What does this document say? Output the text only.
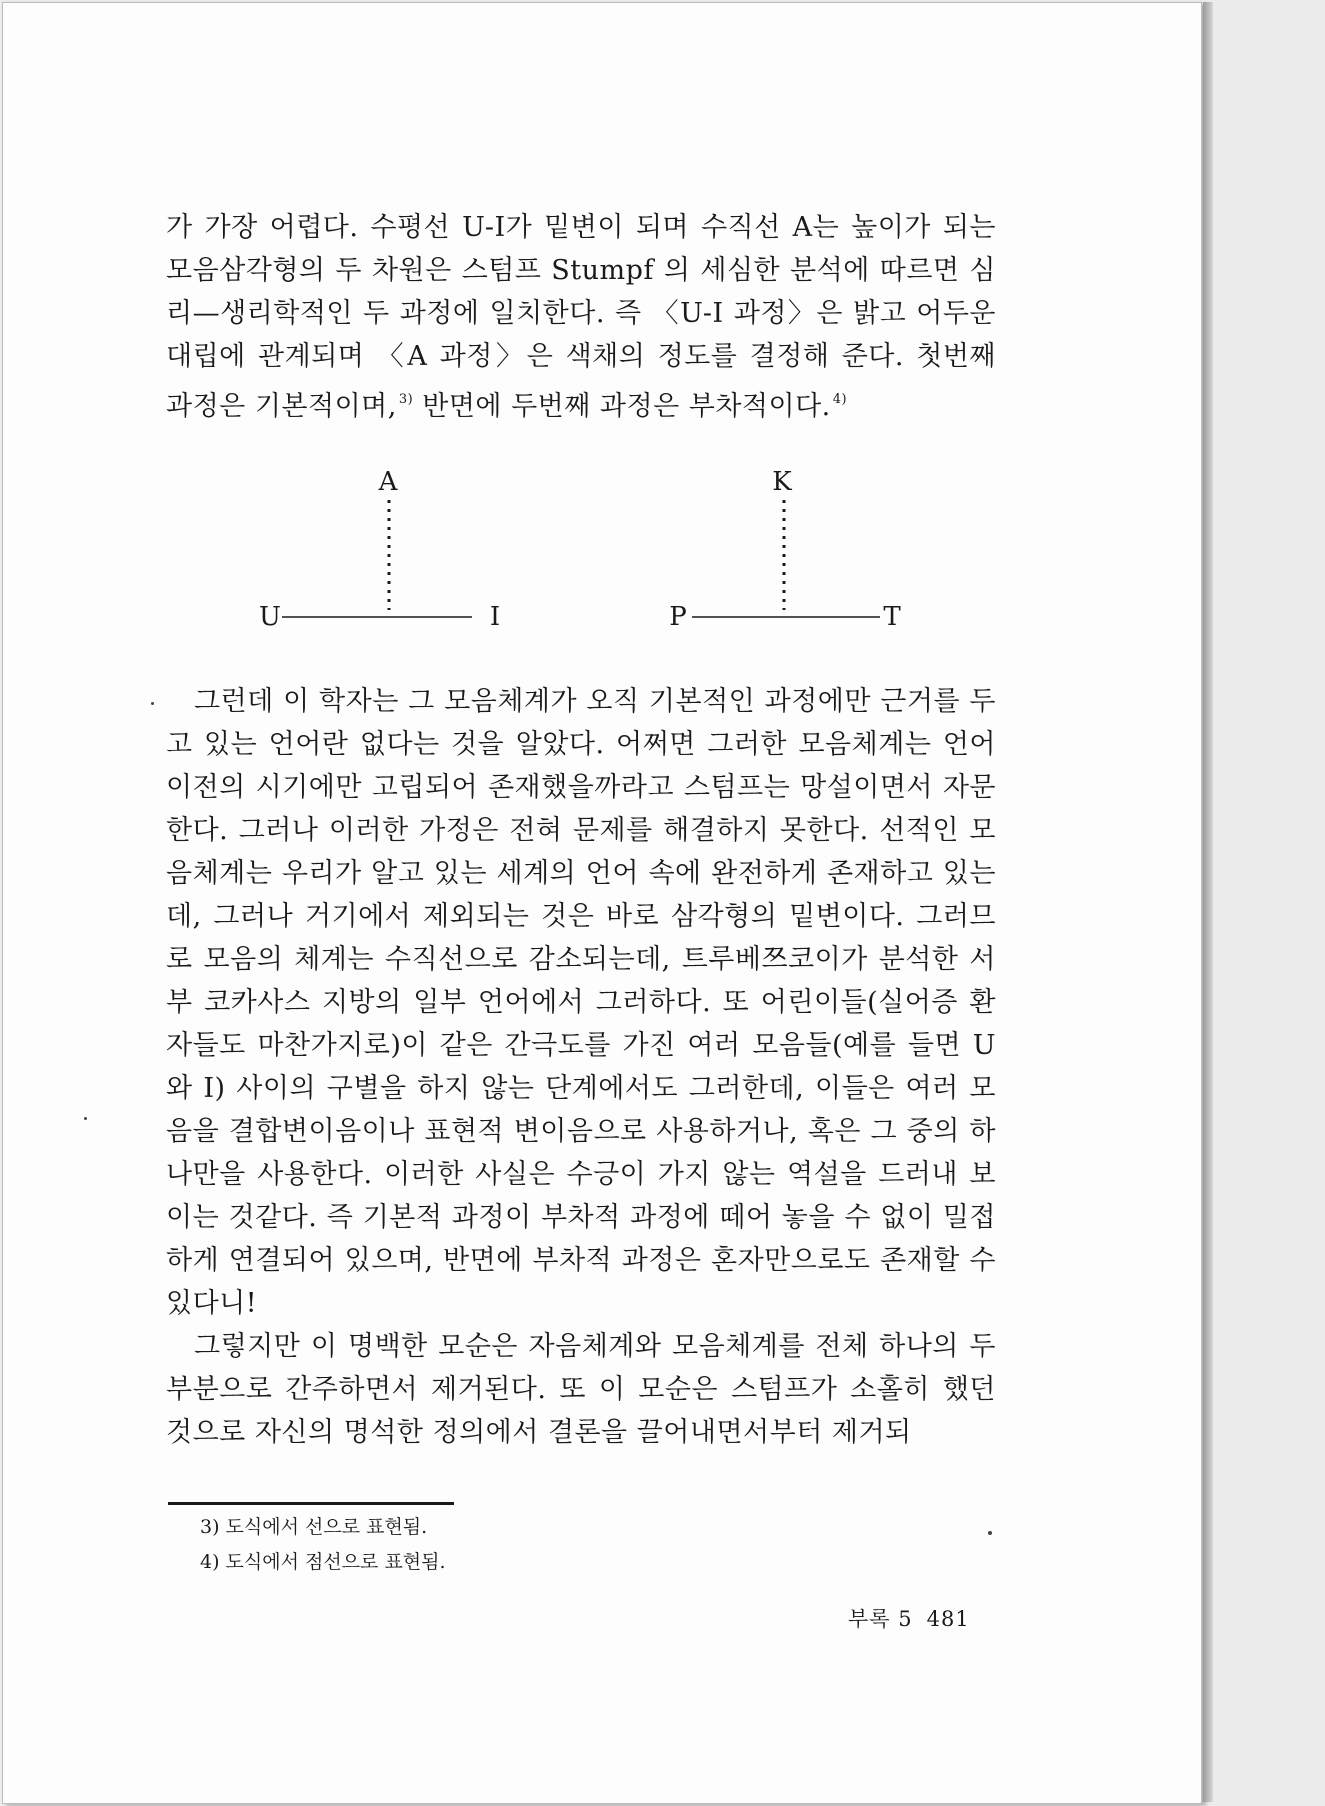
가 가장 어렵다. 수평선 U-I가 밑변이 되며 수직선 A는 높이가 되는 모음삼각형의 두 차원은 스텀프 Stumpf 의 세심한 분석에 따르면 심리—생리학적인 두 과정에 일치한다. 즉 〈U-I 과정〉은 밝고 어두운 대립에 관계되며 〈A 과정〉은 색채의 정도를 결정해 준다. 첫번째 과정은 기본적이며, $^{3)}$ 반면에 두번째 과정은 부차적이다. $^{4)}$

A
U	I
K
P	T

그런데 이 학자는 그 모음체계가 오직 기본적인 과정에만 근거를 두고 있는 언어란 없다는 것을 알았다. 어쩌면 그러한 모음체계는 언어 이전의 시기에만 고립되어 존재했을까라고 스텀프는 망설이면서 자문한다. 그러나 이러한 가정은 전혀 문제를 해결하지 못한다. 선적인 모음체계는 우리가 알고 있는 세계의 언어 속에 완전하게 존재하고 있는데, 그러나 거기에서 제외되는 것은 바로 삼각형의 밑변이다. 그러므로 모음의 체계는 수직선으로 감소되는데, 트루베쯔코이가 분석한 서부 코카사스 지방의 일부 언어에서 그러하다. 또 어린이들(실어증 환자들도 마찬가지로)이 같은 간극도를 가진 여러 모음들(예를 들면 U와 I) 사이의 구별을 하지 않는 단계에서도 그러한데, 이들은 여러 모음을 결합변이음이나 표현적 변이음으로 사용하거나, 혹은 그 중의 하나만을 사용한다. 이러한 사실은 수긍이 가지 않는 역설을 드러내 보이는 것같다. 즉 기본적 과정이 부차적 과정에 떼어 놓을 수 없이 밀접하게 연결되어 있으며, 반면에 부차적 과정은 혼자만으로도 존재할 수 있다니!

그렇지만 이 명백한 모순은 자음체계와 모음체계를 전체 하나의 두 부분으로 간주하면서 제거된다. 또 이 모순은 스텀프가 소홀히 했던 것으로 자신의 명석한 정의에서 결론을 끌어내면서부터 제거되

3) 도식에서 선으로 표현됨.

4) 도식에서 점선으로 표현됨.

부록 5 481
